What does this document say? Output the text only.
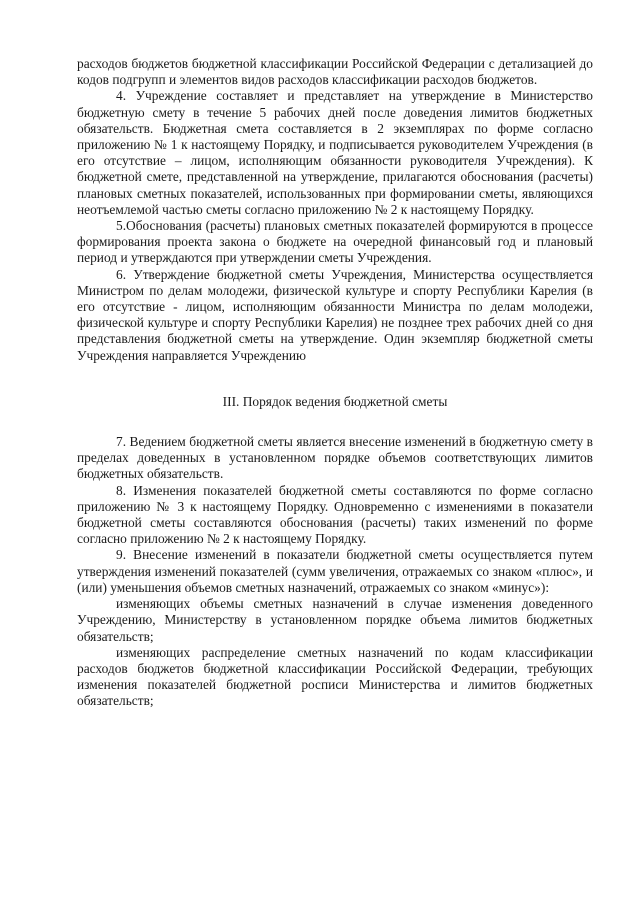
расходов бюджетов бюджетной классификации Российской Федерации с детализацией до кодов подгрупп и элементов видов расходов классификации расходов бюджетов.

4. Учреждение составляет и представляет на утверждение в Министерство бюджетную смету в течение 5 рабочих дней после доведения лимитов бюджетных обязательств. Бюджетная смета составляется в 2 экземплярах по форме согласно приложению № 1 к настоящему Порядку, и подписывается руководителем Учреждения (в его отсутствие – лицом, исполняющим обязанности руководителя Учреждения). К бюджетной смете, представленной на утверждение, прилагаются обоснования (расчеты) плановых сметных показателей, использованных при формировании сметы, являющихся неотъемлемой частью сметы согласно приложению № 2 к настоящему Порядку.

5.Обоснования (расчеты) плановых сметных показателей формируются в процессе формирования проекта закона о бюджете на очередной финансовый год и плановый период и утверждаются при утверждении сметы Учреждения.

6. Утверждение бюджетной сметы Учреждения, Министерства осуществляется Министром по делам молодежи, физической культуре и спорту Республики Карелия (в его отсутствие - лицом, исполняющим обязанности Министра по делам молодежи, физической культуре и спорту Республики Карелия) не позднее трех рабочих дней со дня представления бюджетной сметы на утверждение. Один экземпляр бюджетной сметы Учреждения направляется Учреждению

III. Порядок ведения бюджетной сметы

7. Ведением бюджетной сметы является внесение изменений в бюджетную смету в пределах доведенных в установленном порядке объемов соответствующих лимитов бюджетных обязательств.

8. Изменения показателей бюджетной сметы составляются по форме согласно приложению № 3 к настоящему Порядку. Одновременно с изменениями в показатели бюджетной сметы составляются обоснования (расчеты) таких изменений по форме согласно приложению № 2 к настоящему Порядку.

9. Внесение изменений в показатели бюджетной сметы осуществляется путем утверждения изменений показателей (сумм увеличения, отражаемых со знаком «плюс», и (или) уменьшения объемов сметных назначений, отражаемых со знаком «минус»):

изменяющих объемы сметных назначений в случае изменения доведенного Учреждению, Министерству в установленном порядке объема лимитов бюджетных обязательств;

изменяющих распределение сметных назначений по кодам классификации расходов бюджетов бюджетной классификации Российской Федерации, требующих изменения показателей бюджетной росписи Министерства и лимитов бюджетных обязательств;
